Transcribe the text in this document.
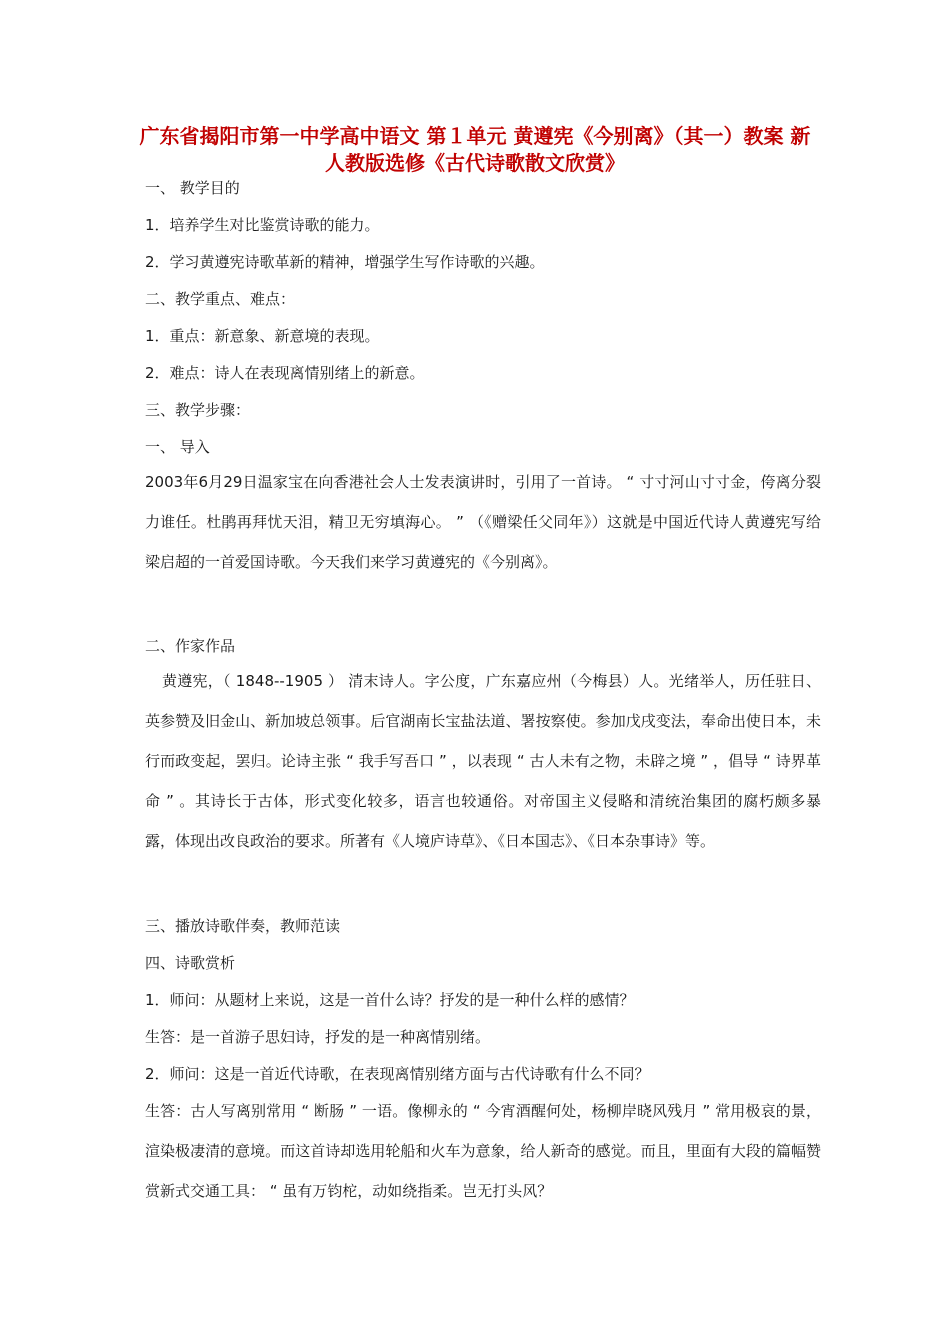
广东省揭阳市第一中学高中语文 第１单元 黄遵宪《今别离》（其一）教案 新人教版选修《古代诗歌散文欣赏》
一、 教学目的
1．培养学生对比鉴赏诗歌的能力。
2．学习黄遵宪诗歌革新的精神，增强学生写作诗歌的兴趣。
二、教学重点、难点：
1．重点：新意象、新意境的表现。
2．难点：诗人在表现离情别绪上的新意。
三、教学步骤：
一、 导入
2003年6月29日温家宝在向香港社会人士发表演讲时，引用了一首诗。 “ 寸寸河山寸寸金，侉离分裂力谁任。杜鹃再拜忧天泪，精卫无穷填海心。 ” （《赠梁任父同年》）这就是中国近代诗人黄遵宪写给梁启超的一首爱国诗歌。今天我们来学习黄遵宪的《今别离》。
二、作家作品
黄遵宪，（ 1848--1905 ） 清末诗人。字公度，广东嘉应州（今梅县）人。光绪举人，历任驻日、英参赞及旧金山、新加坡总领事。后官湖南长宝盐法道、署按察使。参加戊戌变法，奉命出使日本，未行而政变起，罢归。论诗主张 “ 我手写吾口 ” ，以表现 “ 古人未有之物，未辟之境 ” ，倡导 “ 诗界革命 ” 。其诗长于古体，形式变化较多，语言也较通俗。对帝国主义侵略和清统治集团的腐朽颇多暴露，体现出改良政治的要求。所著有《人境庐诗草》、《日本国志》、《日本杂事诗》等。
三、播放诗歌伴奏，教师范读
四、诗歌赏析
1．师问：从题材上来说，这是一首什么诗？抒发的是一种什么样的感情？
生答：是一首游子思妇诗，抒发的是一种离情别绪。
2．师问：这是一首近代诗歌，在表现离情别绪方面与古代诗歌有什么不同？
生答：古人写离别常用 “ 断肠 ” 一语。像柳永的 “ 今宵酒醒何处，杨柳岸晓风残月 ” 常用极哀的景，渲染极凄清的意境。而这首诗却选用轮船和火车为意象，给人新奇的感觉。而且，里面有大段的篇幅赞赏新式交通工具： “ 虽有万钧柁，动如绕指柔。岂无打头风？
